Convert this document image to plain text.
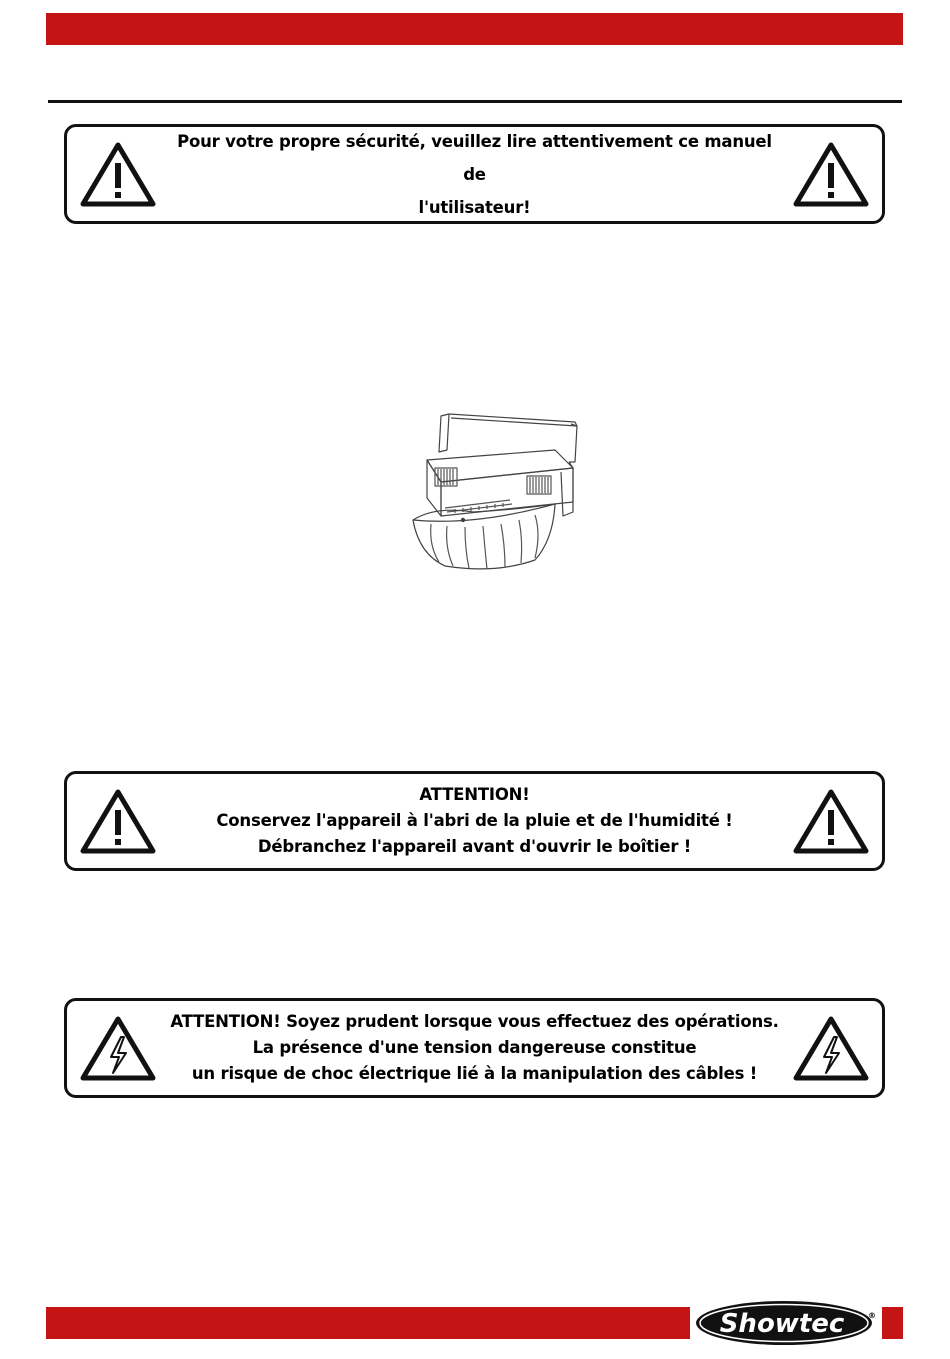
Pour votre propre sécurité, veuillez lire attentivement ce manuel de
l'utilisateur!
ATTENTION!
Conservez l'appareil à l'abri de la pluie et de l'humidité !
Débranchez l'appareil avant d'ouvrir le boîtier !
ATTENTION! Soyez prudent lorsque vous effectuez des opérations.
La présence d'une tension dangereuse constitue
un risque de choc électrique lié à la manipulation des câbles !
Showtec	®
